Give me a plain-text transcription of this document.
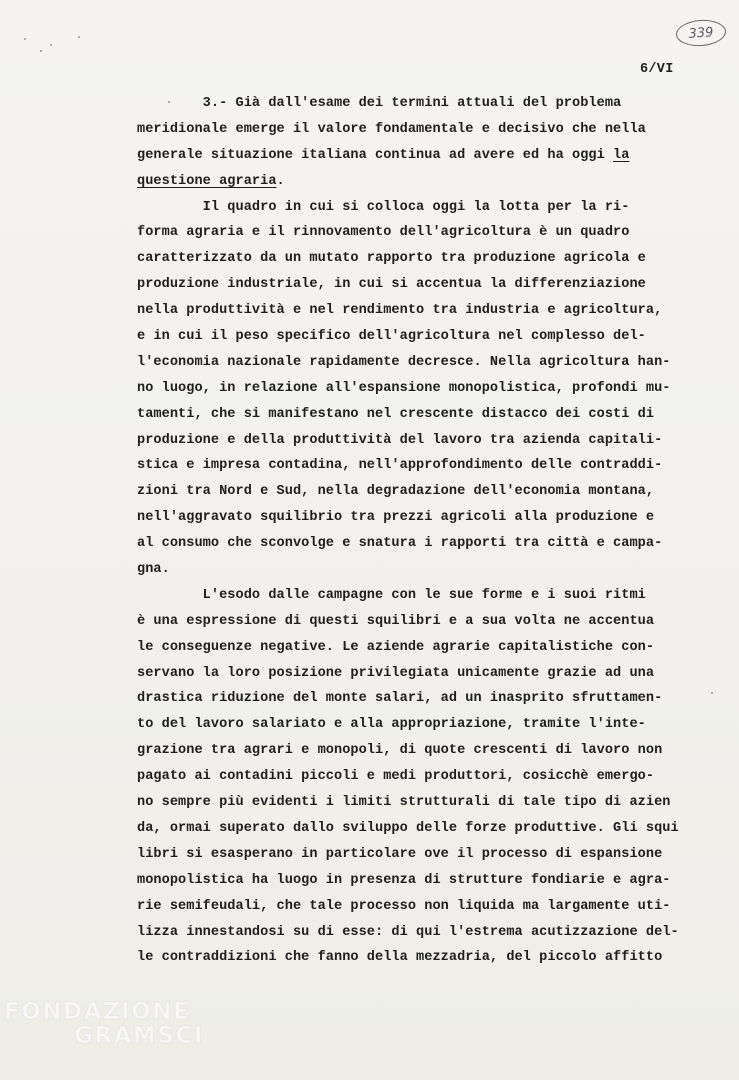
339
6/VI
3.- Già dall'esame dei termini attuali del problema
meridionale emerge il valore fondamentale e decisivo che nella
generale situazione italiana continua ad avere ed ha oggi la
questione agraria.
Il quadro in cui si colloca oggi la lotta per la ri-
forma agraria e il rinnovamento dell'agricoltura è un quadro
caratterizzato da un mutato rapporto tra produzione agricola e
produzione industriale, in cui si accentua la differenziazione
nella produttività e nel rendimento tra industria e agricoltura,
e in cui il peso specifico dell'agricoltura nel complesso del-
l'economia nazionale rapidamente decresce. Nella agricoltura han-
no luogo, in relazione all'espansione monopolistica, profondi mu-
tamenti, che si manifestano nel crescente distacco dei costi di
produzione e della produttività del lavoro tra azienda capitali-
stica e impresa contadina, nell'approfondimento delle contraddi-
zioni tra Nord e Sud, nella degradazione dell'economia montana,
nell'aggravato squilibrio tra prezzi agricoli alla produzione e
al consumo che sconvolge e snatura i rapporti tra città e campa-
gna.
L'esodo dalle campagne con le sue forme e i suoi ritmi
è una espressione di questi squilibri e a sua volta ne accentua
le conseguenze negative. Le aziende agrarie capitalistiche con-
servano la loro posizione privilegiata unicamente grazie ad una
drastica riduzione del monte salari, ad un inasprito sfruttamen-
to del lavoro salariato e alla appropriazione, tramite l'inte-
grazione tra agrari e monopoli, di quote crescenti di lavoro non
pagato ai contadini piccoli e medi produttori, cosicchè emergo-
no sempre più evidenti i limiti strutturali di tale tipo di azien
da, ormai superato dallo sviluppo delle forze produttive. Gli squi
libri si esasperano in particolare ove il processo di espansione
monopolistica ha luogo in presenza di strutture fondiarie e agra-
rie semifeudali, che tale processo non liquida ma largamente uti-
lizza innestandosi su di esse: di qui l'estrema acutizzazione del-
le contraddizioni che fanno della mezzadria, del piccolo affitto
FONDAZIONE
GRAMSCI
